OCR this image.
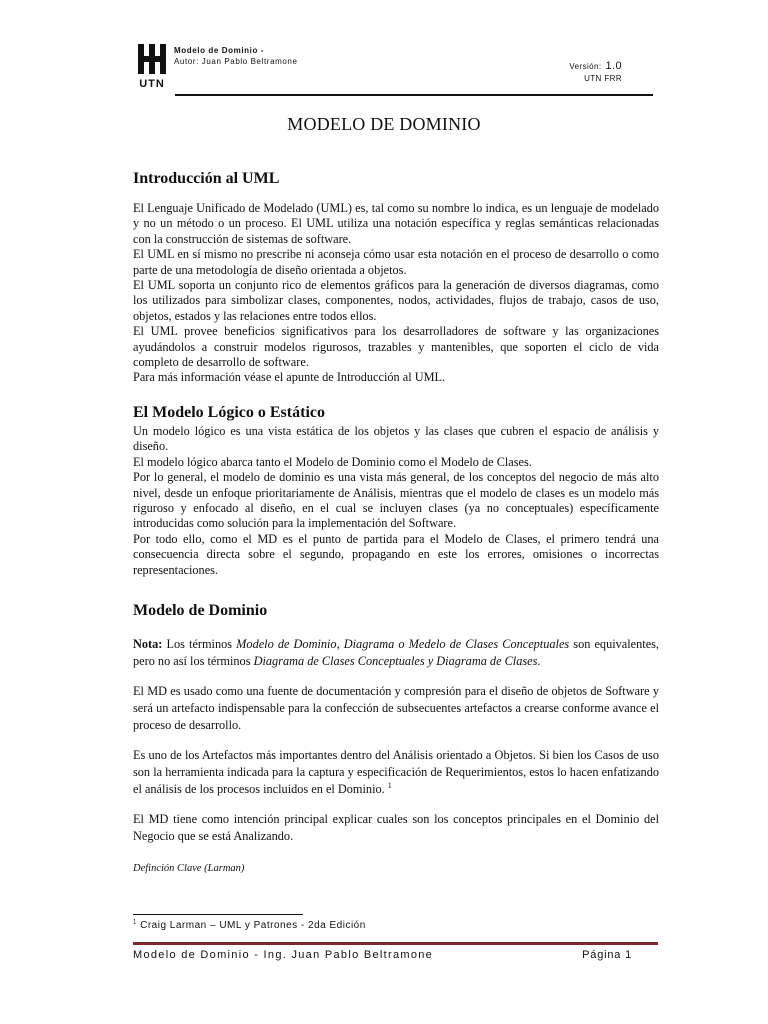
UTN
Modelo de Dominio -
Autor: Juan Pablo Beltramone
Versión: 1.0
UTN FRR
MODELO DE DOMINIO
Introducción al UML

El Lenguaje Unificado de Modelado (UML) es, tal como su nombre lo indica, es un lenguaje de modelado y no un método o un proceso. El UML utiliza una notación específica y reglas semánticas relacionadas con la construcción de sistemas de software.

El UML en sí mismo no prescribe ni aconseja cómo usar esta notación en el proceso de desarrollo o como parte de una metodología de diseño orientada a objetos.

El UML soporta un conjunto rico de elementos gráficos para la generación de diversos diagramas, como los utilizados para simbolizar clases, componentes, nodos, actividades, flujos de trabajo, casos de uso, objetos, estados y las relaciones entre todos ellos.

El UML provee beneficios significativos para los desarrolladores de software y las organizaciones ayudándolos a construir modelos rigurosos, trazables y mantenibles, que soporten el ciclo de vida completo de desarrollo de software.

Para más información véase el apunte de Introducción al UML.

El Modelo Lógico o Estático

Un modelo lógico es una vista estática de los objetos y las clases que cubren el espacio de análisis y diseño.

El modelo lógico abarca tanto el Modelo de Dominio como el Modelo de Clases.

Por lo general, el modelo de dominio es una vista más general, de los conceptos del negocio de más alto nivel, desde un enfoque prioritariamente de Análisis, mientras que el modelo de clases es un modelo más riguroso y enfocado al diseño, en el cual se incluyen clases (ya no conceptuales) específicamente introducidas como solución para la implementación del Software.

Por todo ello, como el MD es el punto de partida para el Modelo de Clases, el primero tendrá una consecuencia directa sobre el segundo, propagando en este los errores, omisiones o incorrectas representaciones.

Modelo de Dominio

Nota: Los términos Modelo de Dominio, Diagrama o Medelo de Clases Conceptuales son equivalentes, pero no así los términos Diagrama de Clases Conceptuales y Diagrama de Clases.

El MD es usado como una fuente de documentación y compresión para el diseño de objetos de Software y será un artefacto indispensable para la confección de subsecuentes artefactos a crearse conforme avance el proceso de desarrollo.

Es uno de los Artefactos más importantes dentro del Análisis orientado a Objetos. Si bien los Casos de uso son la herramienta indicada para la captura y especificación de Requerimientos, estos lo hacen enfatizando el análisis de los procesos incluidos en el Dominio. $^1$

El MD tiene como intención principal explicar cuales son los conceptos principales en el Dominio del Negocio que se está Analizando.

Definción Clave (Larman)

$^1$ Craig Larman – UML y Patrones - 2da Edición
Modelo de Dominio - Ing. Juan Pablo Beltramone	Página 1
